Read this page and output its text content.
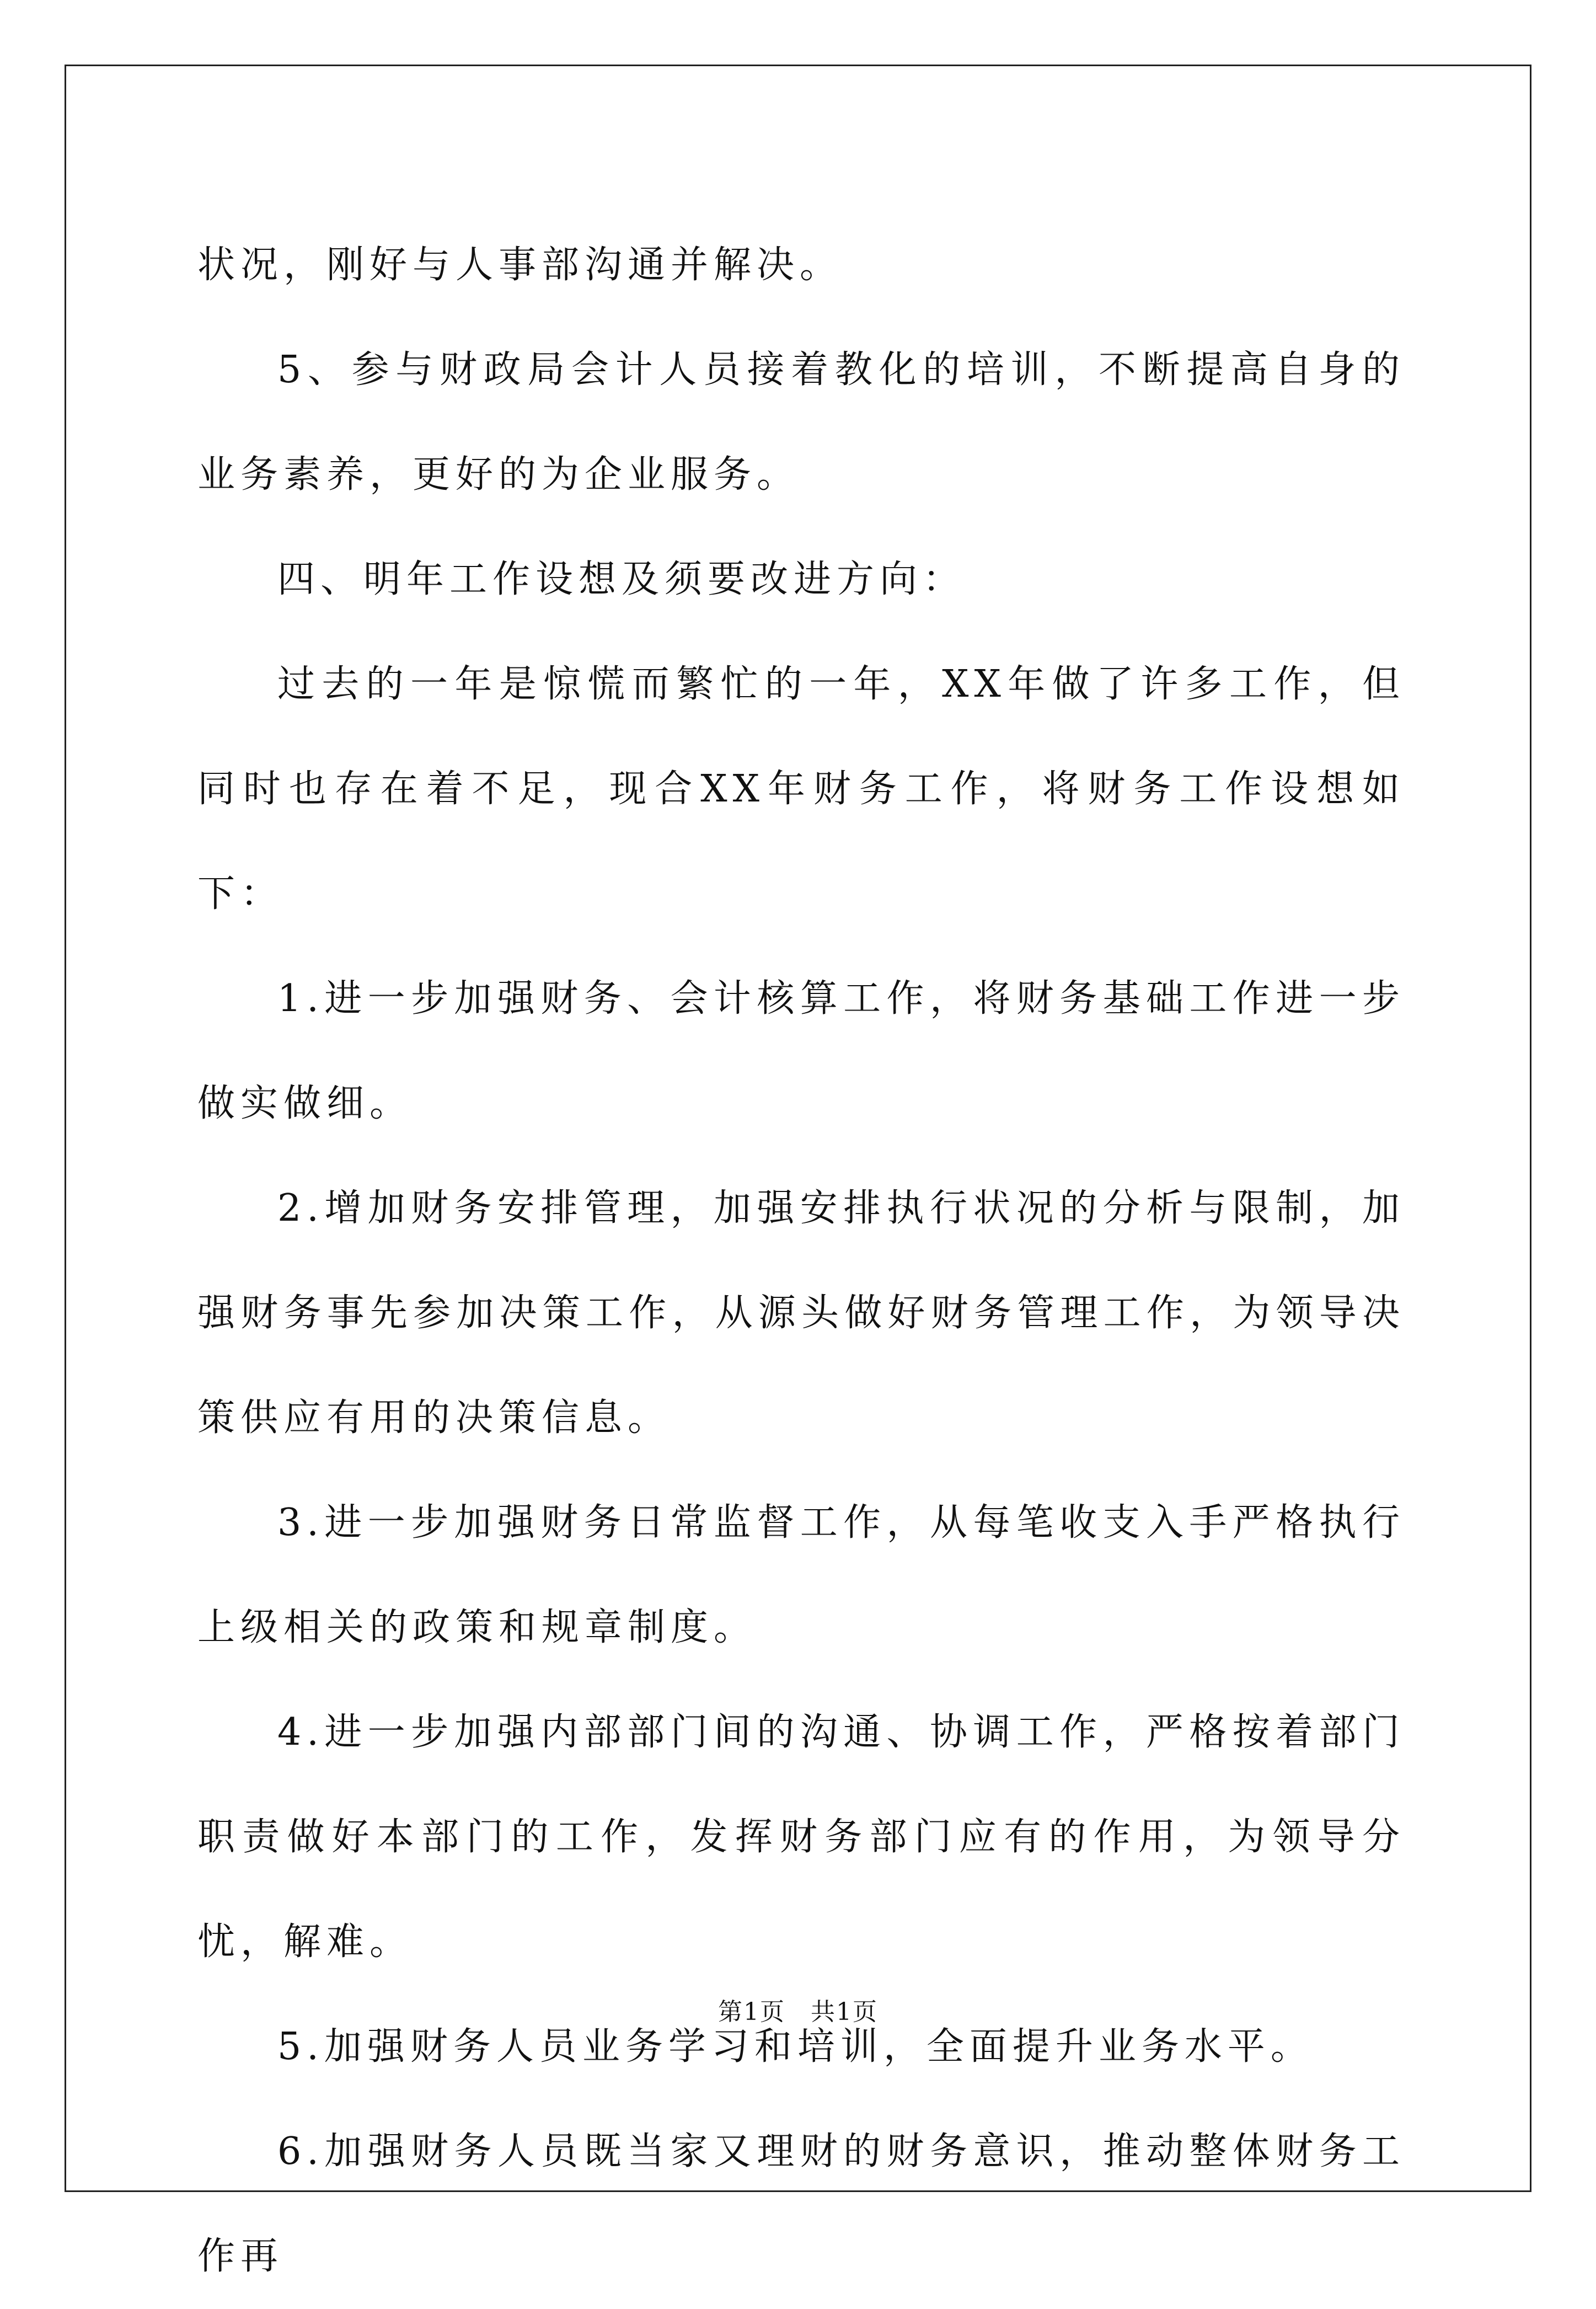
状况，刚好与人事部沟通并解决。

5、参与财政局会计人员接着教化的培训，不断提高自身的业务素养，更好的为企业服务。

四、明年工作设想及须要改进方向：

过去的一年是惊慌而繁忙的一年，XX年做了许多工作，但同时也存在着不足，现合XX年财务工作，将财务工作设想如下：

1.进一步加强财务、会计核算工作，将财务基础工作进一步做实做细。

2.增加财务安排管理，加强安排执行状况的分析与限制，加强财务事先参加决策工作，从源头做好财务管理工作，为领导决策供应有用的决策信息。

3.进一步加强财务日常监督工作，从每笔收支入手严格执行上级相关的政策和规章制度。

4.进一步加强内部部门间的沟通、协调工作，严格按着部门职责做好本部门的工作，发挥财务部门应有的作用，为领导分忧，解难。

5.加强财务人员业务学习和培训，全面提升业务水平。

6.加强财务人员既当家又理财的财务意识，推动整体财务工作再

第1页　共1页
